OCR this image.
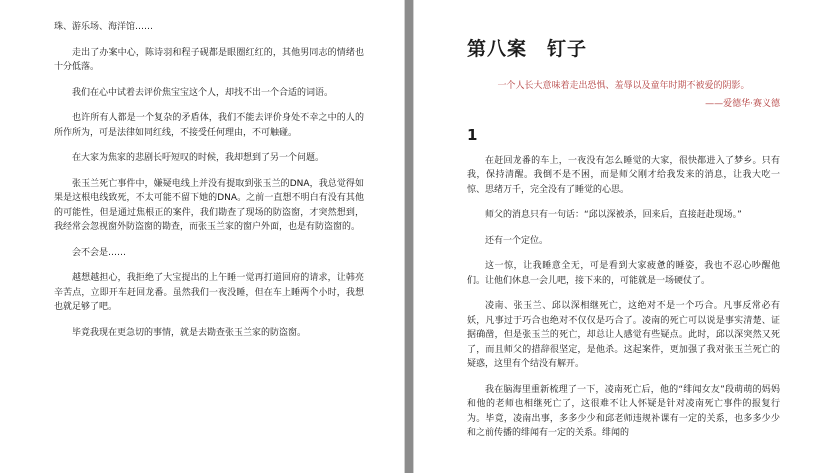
珠、游乐场、海洋馆……

走出了办案中心，陈诗羽和程子砚都是眼圈红红的，其他男同志的情绪也十分低落。

我们在心中试着去评价焦宝宝这个人，却找不出一个合适的词语。

也许所有人都是一个复杂的矛盾体，我们不能去评价身处不幸之中的人的所作所为，可是法律如同红线，不接受任何理由，不可触碰。

在大家为焦家的悲剧长吁短叹的时候，我却想到了另一个问题。

张玉兰死亡事件中，嫌疑电线上并没有提取到张玉兰的DNA，我总觉得如果是这根电线致死，不太可能不留下她的DNA。之前一直想不明白有没有其他的可能性，但是通过焦根正的案件，我们勘查了现场的防盗窗，才突然想到，我经常会忽视窗外防盗窗的勘查，而张玉兰家的窗户外面，也是有防盗窗的。

会不会是……

越想越担心，我拒绝了大宝提出的上午睡一觉再打道回府的请求，让韩亮辛苦点，立即开车赶回龙番。虽然我们一夜没睡，但在车上睡两个小时，我想也就足够了吧。

毕竟我现在更急切的事情，就是去勘查张玉兰家的防盗窗。

第八案　钉子

一个人长大意味着走出恐惧、羞辱以及童年时期不被爱的阴影。

——爱德华·赛义德

1

在赶回龙番的车上，一夜没有怎么睡觉的大家，很快都进入了梦乡。只有我，保持清醒。我倒不是不困，而是师父刚才给我发来的消息，让我大吃一惊、思绪万千，完全没有了睡觉的心思。

师父的消息只有一句话：“邱以深被杀，回来后，直接赶赴现场。”

还有一个定位。

这一惊，让我睡意全无，可是看到大家疲惫的睡姿，我也不忍心吵醒他们。让他们休息一会儿吧，接下来的，可能就是一场硬仗了。

凌南、张玉兰、邱以深相继死亡，这绝对不是一个巧合。凡事反常必有妖，凡事过于巧合也绝对不仅仅是巧合了。凌南的死亡可以说是事实清楚、证据确凿，但是张玉兰的死亡，却总让人感觉有些疑点。此时，邱以深突然又死了，而且师父的措辞很坚定，是他杀。这起案件，更加强了我对张玉兰死亡的疑惑，这里有个结没有解开。

我在脑海里重新梳理了一下，凌南死亡后，他的“绯闻女友”段萌萌的妈妈和他的老师也相继死亡了，这很难不让人怀疑是针对凌南死亡事件的报复行为。毕竟，凌南出事，多多少少和邱老师违规补课有一定的关系，也多多少少和之前传播的绯闻有一定的关系。绯闻的
